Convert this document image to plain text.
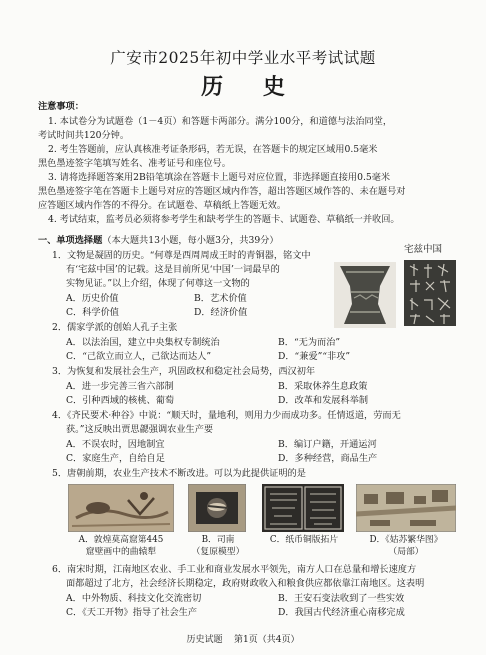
广安市2025年初中学业水平考试试题
历 史
注意事项：
1. 本试卷分为试题卷（1－4页）和答题卡两部分。满分100分，和道德与法治同堂，
考试时间共120分钟。
2. 考生答题前，应认真核准考证条形码，若无误，在答题卡的规定区域用0.5毫米
黑色墨迹签字笔填写姓名、准考证号和座位号。
3. 请将选择题答案用2B铅笔填涂在答题卡上题号对应位置，非选择题直接用0.5毫米
黑色墨迹签字笔在答题卡上题号对应的答题区域内作答，超出答题区域作答的、未在题号对
应答题区域内作答的不得分。在试题卷、草稿纸上答题无效。
4. 考试结束，监考员必须将参考学生和缺考学生的答题卡、试题卷、草稿纸一并收回。
一、单项选择题（本大题共13小题，每小题3分，共39分）
1．文物是凝固的历史。“何尊是西周周成王时的青铜器，铭文中
有‘宅兹中国’的记载。这是目前所见‘中国’一词最早的
实物见证。”以上介绍，体现了何尊这一文物的
A．历史价值	B．艺术价值
C．科学价值	D．经济价值
宅兹中国
2．儒家学派的创始人孔子主张
A．以法治国，建立中央集权专制统治	B．“无为而治”
C．“己欲立而立人，己欲达而达人”	D．“兼爱”“非攻”
3．为恢复和发展社会生产，巩固政权和稳定社会局势，西汉初年
A．进一步完善三省六部制	B．采取休养生息政策
C．引种西域的核桃、葡萄	D．改革和发展科举制
4．《齐民要术·种谷》中说：“顺天时，量地利，则用力少而成功多。任情返道，劳而无
获。”这反映出贾思勰强调农业生产要
A．不误农时，因地制宜	B．编订户籍，开通运河
C．家庭生产，自给自足	D．多种经营，商品生产
5．唐朝前期，农业生产技术不断改进。可以为此提供证明的是
A．敦煌莫高窟第445
窟壁画中的曲辕犁
B．司南
（复原模型）
C．纸币铜版拓片	D．《姑苏繁华图》
（局部）
6．南宋时期，江南地区农业、手工业和商业发展水平领先，南方人口在总量和增长速度方
面都超过了北方，社会经济长期稳定，政府财政收入和粮食供应都依靠江南地区。这表明
A．中外物质、科技文化交流密切	B．王安石变法收到了一些实效
C．《天工开物》指导了社会生产	D．我国古代经济重心南移完成
历史试题    第1页（共4页）
